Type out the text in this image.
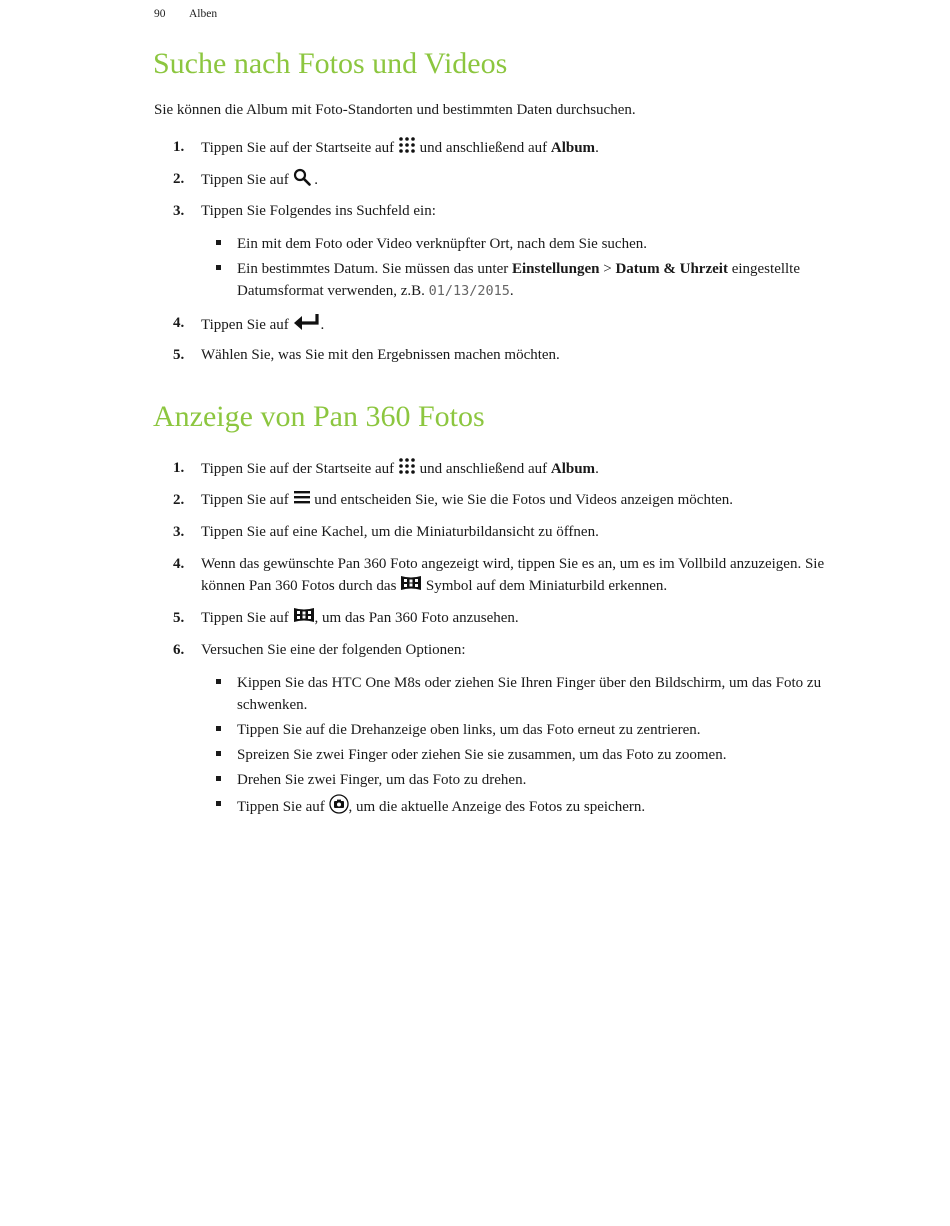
90 Alben
Suche nach Fotos und Videos
Sie können die Album mit Foto-Standorten und bestimmten Daten durchsuchen.
1. Tippen Sie auf der Startseite auf  und anschließend auf Album.
2. Tippen Sie auf  .
3. Tippen Sie Folgendes ins Suchfeld ein:
Ein mit dem Foto oder Video verknüpfter Ort, nach dem Sie suchen.
Ein bestimmtes Datum. Sie müssen das unter Einstellungen > Datum & Uhrzeit eingestellte Datumsformat verwenden, z.B. 01/13/2015.
4. Tippen Sie auf .
5. Wählen Sie, was Sie mit den Ergebnissen machen möchten.
Anzeige von Pan 360 Fotos
1. Tippen Sie auf der Startseite auf  und anschließend auf Album.
2. Tippen Sie auf  und entscheiden Sie, wie Sie die Fotos und Videos anzeigen möchten.
3. Tippen Sie auf eine Kachel, um die Miniaturbildansicht zu öffnen.
4. Wenn das gewünschte Pan 360 Foto angezeigt wird, tippen Sie es an, um es im Vollbild anzuzeigen. Sie können Pan 360 Fotos durch das  Symbol auf dem Miniaturbild erkennen.
5. Tippen Sie auf , um das Pan 360 Foto anzusehen.
6. Versuchen Sie eine der folgenden Optionen:
Kippen Sie das HTC One M8s oder ziehen Sie Ihren Finger über den Bildschirm, um das Foto zu schwenken.
Tippen Sie auf die Drehanzeige oben links, um das Foto erneut zu zentrieren.
Spreizen Sie zwei Finger oder ziehen Sie sie zusammen, um das Foto zu zoomen.
Drehen Sie zwei Finger, um das Foto zu drehen.
Tippen Sie auf , um die aktuelle Anzeige des Fotos zu speichern.
